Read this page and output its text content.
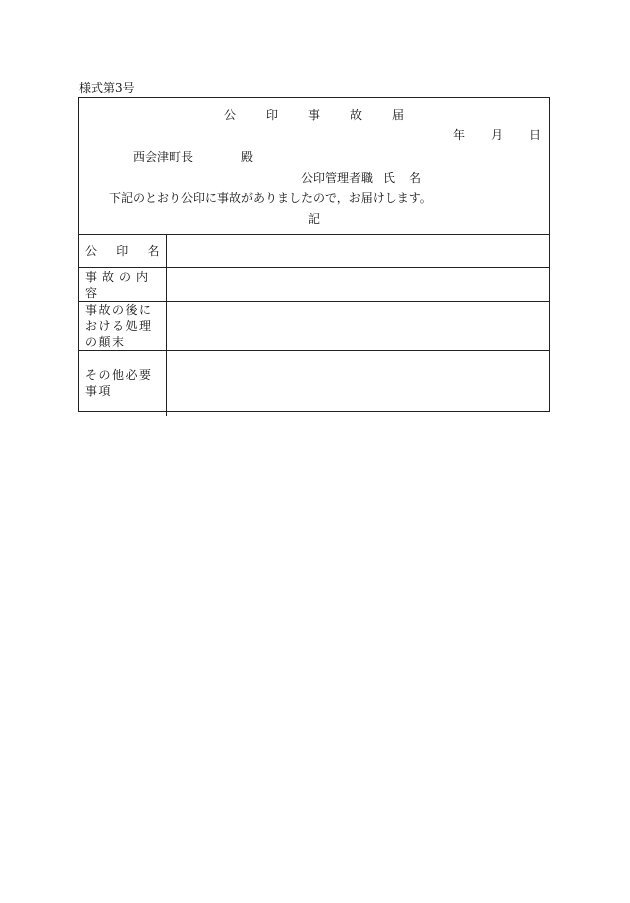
様式第3号
公	印	事	故	届
年 月 日
西会津町長	殿
公印管理者職 氏 名
下記のとおり公印に事故がありましたので，お届けします。
記
公 印 名	

事故の内容	
事故の後における処理の顛末	
その他必要事項	
